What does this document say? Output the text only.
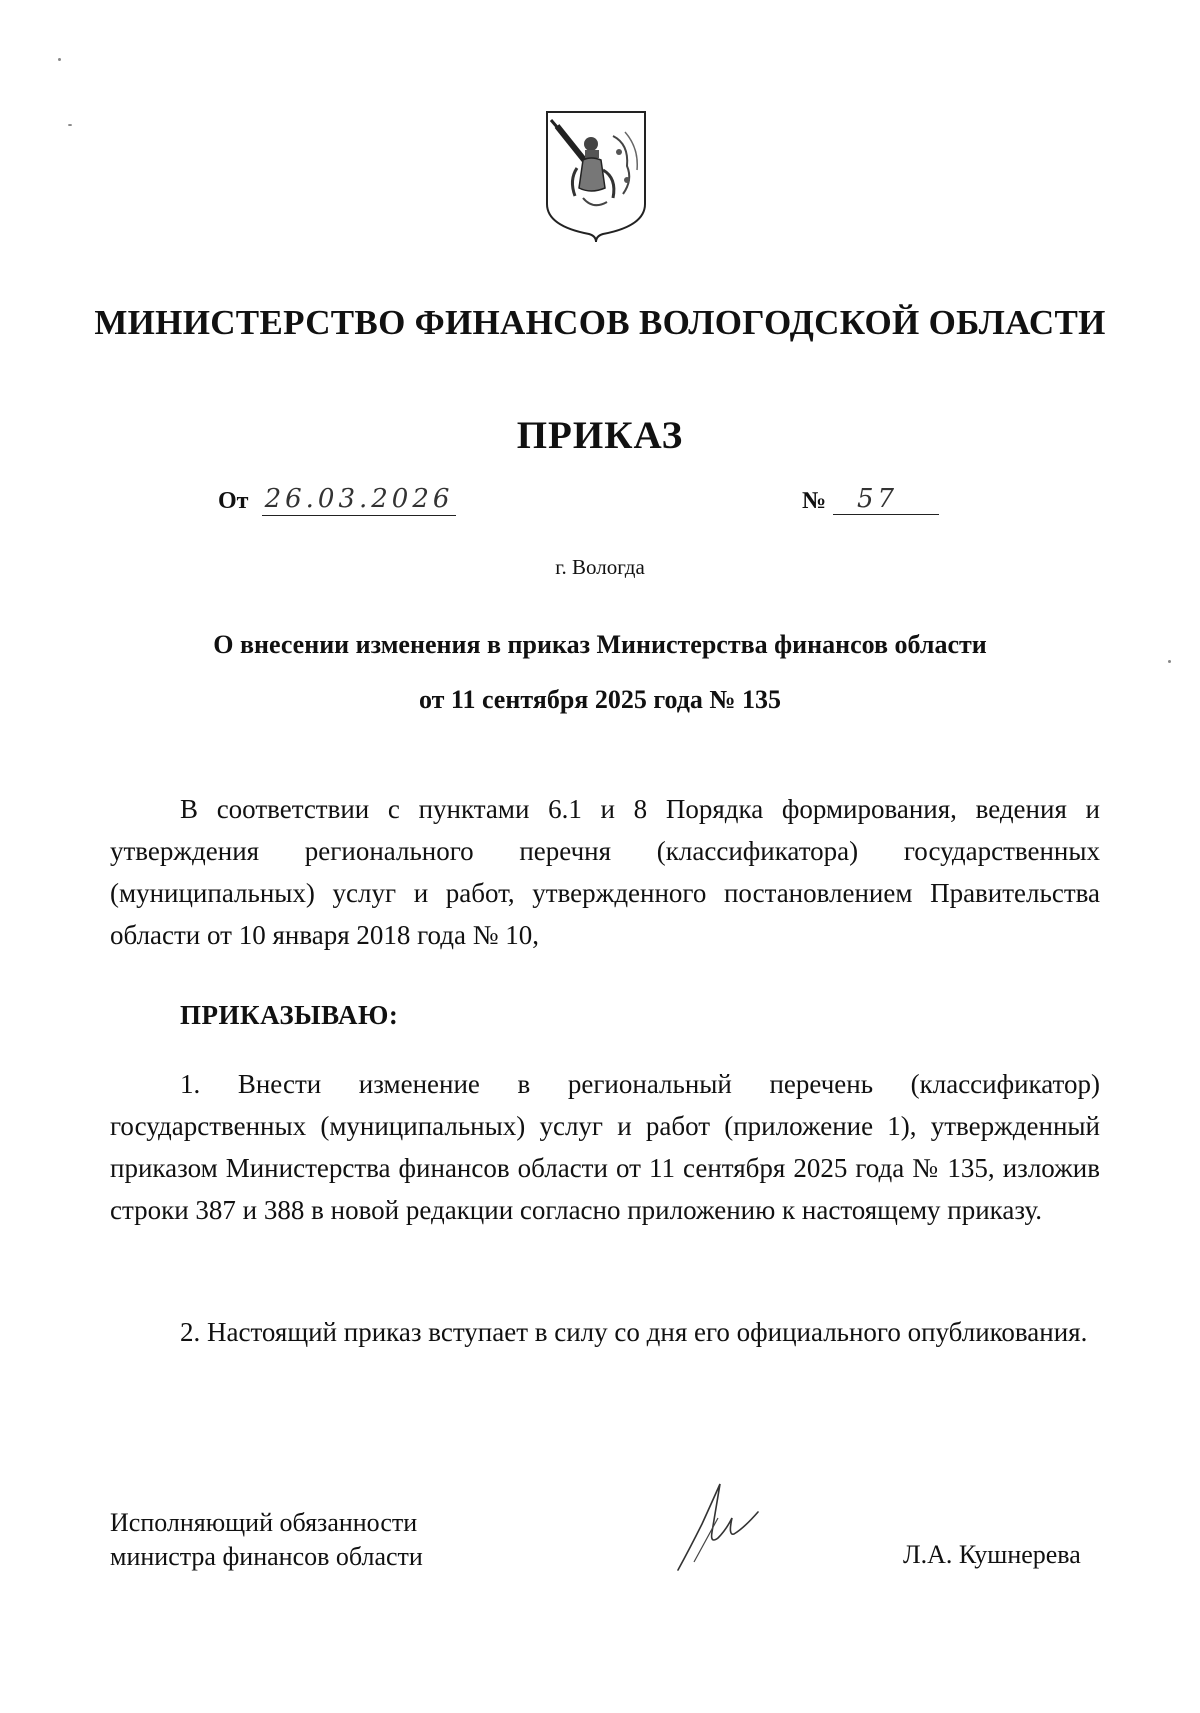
МИНИСТЕРСТВО ФИНАНСОВ ВОЛОГОДСКОЙ ОБЛАСТИ
ПРИКАЗ
От 26.03.2026	№	57
г. Вологда
О внесении изменения в приказ Министерства финансов области
от 11 сентября 2025 года № 135
В соответствии с пунктами 6.1 и 8 Порядка формирования, ведения и утверждения регионального перечня (классификатора) государственных (муниципальных) услуг и работ, утвержденного постановлением Правительства области от 10 января 2018 года № 10,
ПРИКАЗЫВАЮ:
1. Внести изменение в региональный перечень (классификатор) государственных (муниципальных) услуг и работ (приложение 1), утвержденный приказом Министерства финансов области от 11 сентября 2025 года № 135, изложив строки 387 и 388 в новой редакции согласно приложению к настоящему приказу.
2. Настоящий приказ вступает в силу со дня его официального опубликования.
Исполняющий обязанности
министра финансов области	Л.А. Кушнерева
